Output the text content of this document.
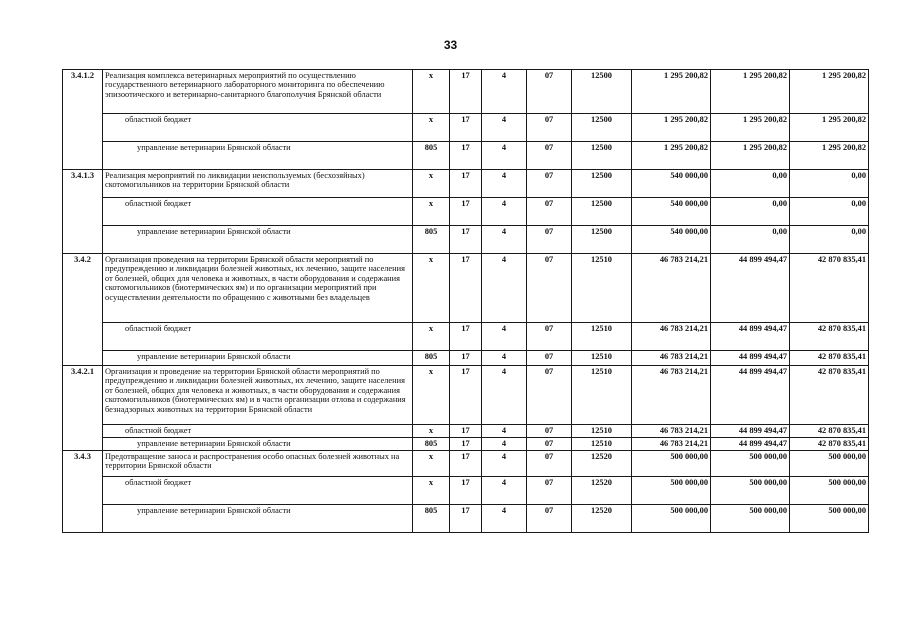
33
3.4.1.2	Реализация комплекса ветеринарных мероприятий по осуществлению государственного ветеринарного лабораторного мониторинга по обеспечению эпизоотического и ветеринарно-санитарного благополучия Брянской области	х	17	4	07	12500	1 295 200,82	1 295 200,82	1 295 200,82
	областной бюджет	х	17	4	07	12500	1 295 200,82	1 295 200,82	1 295 200,82
	управление ветеринарии Брянской области	805	17	4	07	12500	1 295 200,82	1 295 200,82	1 295 200,82
3.4.1.3	Реализация мероприятий по ликвидации неиспользуемых (бесхозяйных) скотомогильников на территории Брянской области	х	17	4	07	12500	540 000,00	0,00	0,00
	областной бюджет	х	17	4	07	12500	540 000,00	0,00	0,00
	управление ветеринарии Брянской области	805	17	4	07	12500	540 000,00	0,00	0,00
3.4.2	Организация проведения на территории Брянской области мероприятий по предупреждению и ликвидации болезней животных, их лечению, защите населения от болезней, общих для человека и животных, в части оборудования и содержания скотомогильников (биотермических ям) и по организации мероприятий при осуществлении деятельности по обращению с животными без владельцев	х	17	4	07	12510	46 783 214,21	44 899 494,47	42 870 835,41
	областной бюджет	х	17	4	07	12510	46 783 214,21	44 899 494,47	42 870 835,41
	управление ветеринарии Брянской области	805	17	4	07	12510	46 783 214,21	44 899 494,47	42 870 835,41
3.4.2.1	Организация и проведение на территории Брянской области мероприятий по предупреждению и ликвидации болезней животных, их лечению, защите населения от болезней, общих для человека и животных, в части оборудования и содержания скотомогильников (биотермических ям) и в части организации отлова и содержания безнадзорных животных на территории Брянской области	х	17	4	07	12510	46 783 214,21	44 899 494,47	42 870 835,41
	областной бюджет	х	17	4	07	12510	46 783 214,21	44 899 494,47	42 870 835,41
	управление ветеринарии Брянской области	805	17	4	07	12510	46 783 214,21	44 899 494,47	42 870 835,41
3.4.3	Предотвращение заноса и распространения особо опасных болезней животных на территории Брянской области	х	17	4	07	12520	500 000,00	500 000,00	500 000,00
	областной бюджет	х	17	4	07	12520	500 000,00	500 000,00	500 000,00
	управление ветеринарии Брянской области	805	17	4	07	12520	500 000,00	500 000,00	500 000,00
